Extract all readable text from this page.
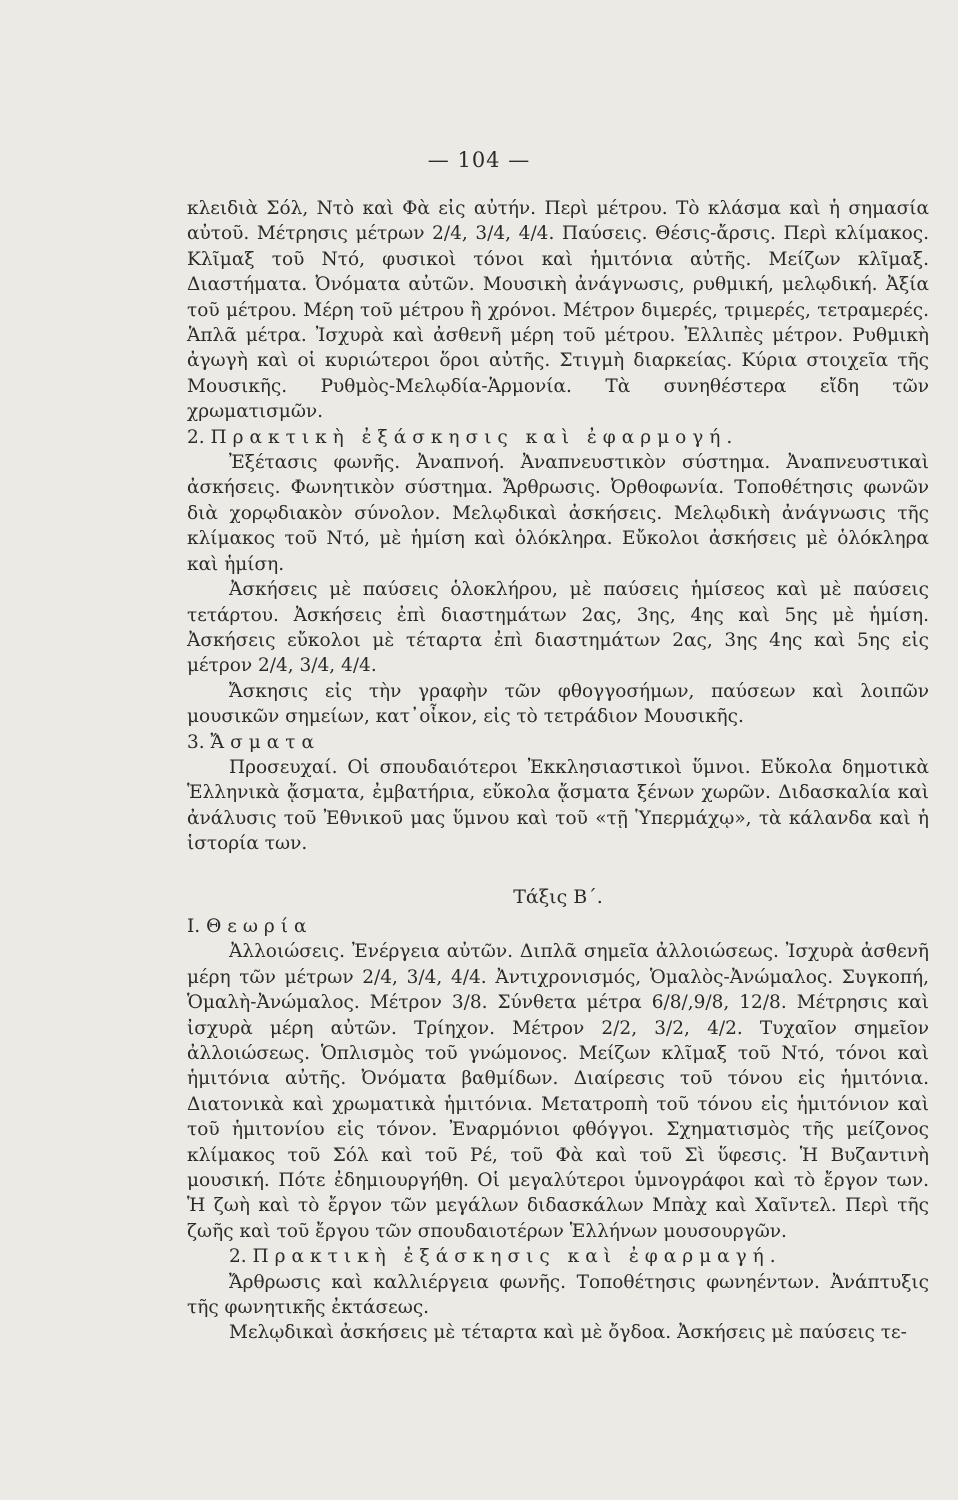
— 104 —

κλειδιὰ Σόλ, Ντὸ καὶ Φὰ εἰς αὐτήν. Περὶ μέτρου. Τὸ κλάσμα καὶ ἡ σημασία αὐτοῦ. Μέτρησις μέτρων 2/4, 3/4, 4/4. Παύσεις. Θέσις-ἄρσις. Περὶ κλίμακος. Κλῖμαξ τοῦ Ντό, φυσικοὶ τόνοι καὶ ἡμιτόνια αὐτῆς. Μείζων κλῖμαξ. Διαστήματα. Ὀνόματα αὐτῶν. Μουσικὴ ἀνάγνωσις, ρυθμική, μελῳδική. Ἀξία τοῦ μέτρου. Μέρη τοῦ μέτρου ἢ χρόνοι. Μέτρον διμερές, τριμερές, τετραμερές. Ἁπλᾶ μέτρα. Ἰσχυρὰ καὶ ἀσθενῆ μέρη τοῦ μέτρου. Ἐλλιπὲς μέτρον. Ρυθμικὴ ἀγωγὴ καὶ οἱ κυριώτεροι ὅροι αὐτῆς. Στιγμὴ διαρκείας. Κύρια στοιχεῖα τῆς Μουσικῆς. Ρυθμὸς-Μελῳδία-Ἁρμονία. Τὰ συνηθέστερα εἴδη τῶν χρωματισμῶν.

2. Πρακτικὴ ἐξάσκησις καὶ ἐφαρμογή.

Ἐξέτασις φωνῆς. Ἀναπνοή. Ἀναπνευστικὸν σύστημα. Ἀναπνευστικαὶ ἀσκήσεις. Φωνητικὸν σύστημα. Ἄρθρωσις. Ὀρθοφωνία. Τοποθέτησις φωνῶν διὰ χορῳδιακὸν σύνολον. Μελῳδικαὶ ἀσκήσεις. Μελῳδικὴ ἀνάγνωσις τῆς κλίμακος τοῦ Ντό, μὲ ἡμίση καὶ ὁλόκληρα. Εὔκολοι ἀσκήσεις μὲ ὁλόκληρα καὶ ἡμίση.

Ἀσκήσεις μὲ παύσεις ὁλοκλήρου, μὲ παύσεις ἡμίσεος καὶ μὲ παύσεις τετάρτου. Ἀσκήσεις ἐπὶ διαστημάτων 2ας, 3ης, 4ης καὶ 5ης μὲ ἡμίση. Ἀσκήσεις εὔκολοι μὲ τέταρτα ἐπὶ διαστημάτων 2ας, 3ης 4ης καὶ 5ης εἰς μέτρον 2/4, 3/4, 4/4.

Ἄσκησις εἰς τὴν γραφὴν τῶν φθογγοσήμων, παύσεων καὶ λοιπῶν μουσικῶν σημείων, κατ᾽οἶκον, εἰς τὸ τετράδιον Μουσικῆς.

3. Ἄσματα

Προσευχαί. Οἱ σπουδαιότεροι Ἐκκλησιαστικοὶ ὕμνοι. Εὔκολα δημοτικὰ Ἑλληνικὰ ᾄσματα, ἐμβατήρια, εὔκολα ᾄσματα ξένων χωρῶν. Διδασκαλία καὶ ἀνάλυσις τοῦ Ἐθνικοῦ μας ὕμνου καὶ τοῦ «τῇ Ὑπερμάχῳ», τὰ κάλανδα καὶ ἡ ἱστορία των.

Τάξις Β΄.

Ι. Θεωρία

Ἀλλοιώσεις. Ἐνέργεια αὐτῶν. Διπλᾶ σημεῖα ἀλλοιώσεως. Ἰσχυρὰ ἀσθενῆ μέρη τῶν μέτρων 2/4, 3/4, 4/4. Ἀντιχρονισμός, Ὁμαλὸς-Ἀνώμαλος. Συγκοπή, Ὁμαλὴ-Ἀνώμαλος. Μέτρον 3/8. Σύνθετα μέτρα 6/8/,9/8, 12/8. Μέτρησις καὶ ἰσχυρὰ μέρη αὐτῶν. Τρίηχον. Μέτρον 2/2, 3/2, 4/2. Τυχαῖον σημεῖον ἀλλοιώσεως. Ὁπλισμὸς τοῦ γνώμονος. Μείζων κλῖμαξ τοῦ Ντό, τόνοι καὶ ἡμιτόνια αὐτῆς. Ὀνόματα βαθμίδων. Διαίρεσις τοῦ τόνου εἰς ἡμιτόνια. Διατονικὰ καὶ χρωματικὰ ἡμιτόνια. Μετατροπὴ τοῦ τόνου εἰς ἡμιτόνιον καὶ τοῦ ἡμιτονίου εἰς τόνον. Ἐναρμόνιοι φθόγγοι. Σχηματισμὸς τῆς μείζονος κλίμακος τοῦ Σόλ καὶ τοῦ Ρέ, τοῦ Φὰ καὶ τοῦ Σὶ ὕφεσις. Ἡ Βυζαντινὴ μουσική. Πότε ἐδημιουργήθη. Οἱ μεγαλύτεροι ὑμνογράφοι καὶ τὸ ἔργον των. Ἡ ζωὴ καὶ τὸ ἔργον τῶν μεγάλων διδασκάλων Μπὰχ καὶ Χαῖντελ. Περὶ τῆς ζωῆς καὶ τοῦ ἔργου τῶν σπουδαιοτέρων Ἑλλήνων μουσουργῶν.

2. Πρακτικὴ ἐξάσκησις καὶ ἐφαρμαγή.

Ἄρθρωσις καὶ καλλιέργεια φωνῆς. Τοποθέτησις φωνηέντων. Ἀνάπτυξις τῆς φωνητικῆς ἐκτάσεως.

Μελῳδικαὶ ἀσκήσεις μὲ τέταρτα καὶ μὲ ὄγδοα. Ἀσκήσεις μὲ παύσεις τε-
